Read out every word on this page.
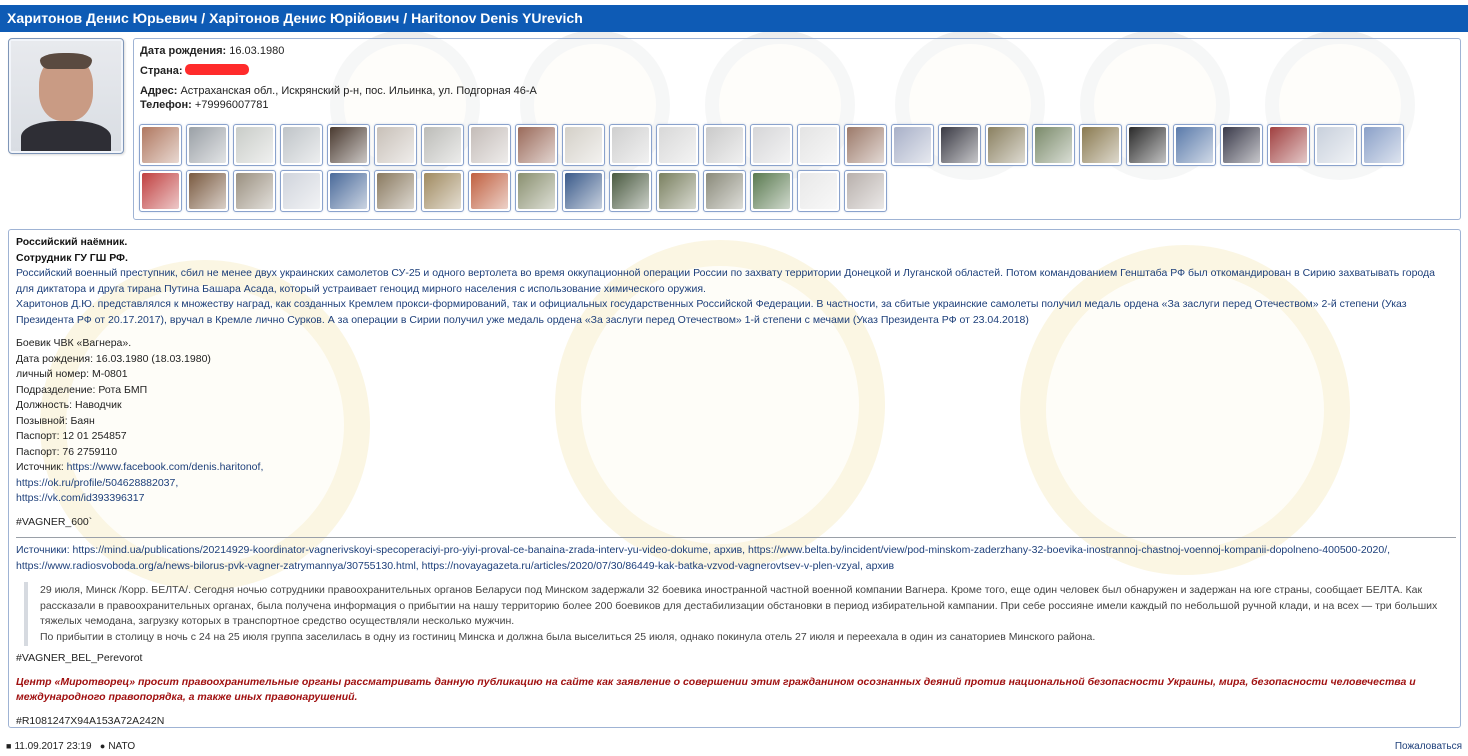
Харитонов Денис Юрьевич / Харітонов Денис Юрійович / Haritonov Denis YUrevich
Дата рождения: 16.03.1980
Страна:
Адрес: Астраханская обл., Искрянский р-н, пос. Ильинка, ул. Подгорная 46-А
Телефон: +79996007781

Российский наёмник.

Сотрудник ГУ ГШ РФ.

Российский военный преступник, сбил не менее двух украинских самолетов СУ-25 и одного вертолета во время оккупационной операции России по захвату территории Донецкой и Луганской областей. Потом командованием Генштаба РФ был откомандирован в Сирию захватывать города для диктатора и друга тирана Путина Башара Асада, который устраивает геноцид мирного населения с использование химического оружия.

Харитонов Д.Ю. представлялся к множеству наград, как созданных Кремлем прокси-формирований, так и официальных государственных Российской Федерации. В частности, за сбитые украинские самолеты получил медаль ордена «За заслуги перед Отечеством» 2-й степени (Указ Президента РФ от 20.17.2017), вручал в Кремле лично Сурков. А за операции в Сирии получил уже медаль ордена «За заслуги перед Отечеством» 1-й степени с мечами (Указ Президента РФ от 23.04.2018)

Боевик ЧВК «Вагнера».

Дата рождения: 16.03.1980 (18.03.1980)

личный номер: М-0801

Подразделение: Рота БМП

Должность: Наводчик

Позывной: Баян

Паспорт: 12 01 254857

Паспорт: 76 2759110

Источник: https://www.facebook.com/denis.haritonof,

https://ok.ru/profile/504628882037,

https://vk.com/id393396317

#VAGNER_600`

Источники: https://mind.ua/publications/20214929-koordinator-vagnerivskoyi-specoperaciyi-pro-yiyi-proval-ce-banaina-zrada-interv-yu-video-dokume, архив, https://www.belta.by/incident/view/pod-minskom-zaderzhany-32-boevika-inostrannoj-chastnoj-voennoj-kompanii-dopolneno-400500-2020/, https://www.radiosvoboda.org/a/news-bilorus-pvk-vagner-zatrymannya/30755130.html, https://novayagazeta.ru/articles/2020/07/30/86449-kak-batka-vzvod-vagnerovtsev-v-plen-vzyal, архив

29 июля, Минск /Корр. БЕЛТА/. Сегодня ночью сотрудники правоохранительных органов Беларуси под Минском задержали 32 боевика иностранной частной военной компании Вагнера. Кроме того, еще один человек был обнаружен и задержан на юге страны, сообщает БЕЛТА. Как рассказали в правоохранительных органах, была получена информация о прибытии на нашу территорию более 200 боевиков для дестабилизации обстановки в период избирательной кампании. При себе россияне имели каждый по небольшой ручной клади, и на всех — три больших тяжелых чемодана, загрузку которых в транспортное средство осуществляли несколько мужчин.

По прибытии в столицу в ночь с 24 на 25 июля группа заселилась в одну из гостиниц Минска и должна была выселиться 25 июля, однако покинула отель 27 июля и переехала в один из санаториев Минского района.

#VAGNER_BEL_Perevorot

Центр «Миротворец» просит правоохранительные органы рассматривать данную публикацию на сайте как заявление о совершении этим гражданином осознанных деяний против национальной безопасности Украины, мира, безопасности человечества и международного правопорядка, а также иных правонарушений.

#R1081247X94A153A72A242N

■ 11.09.2017 23:19 ● NATO	Пожаловаться
